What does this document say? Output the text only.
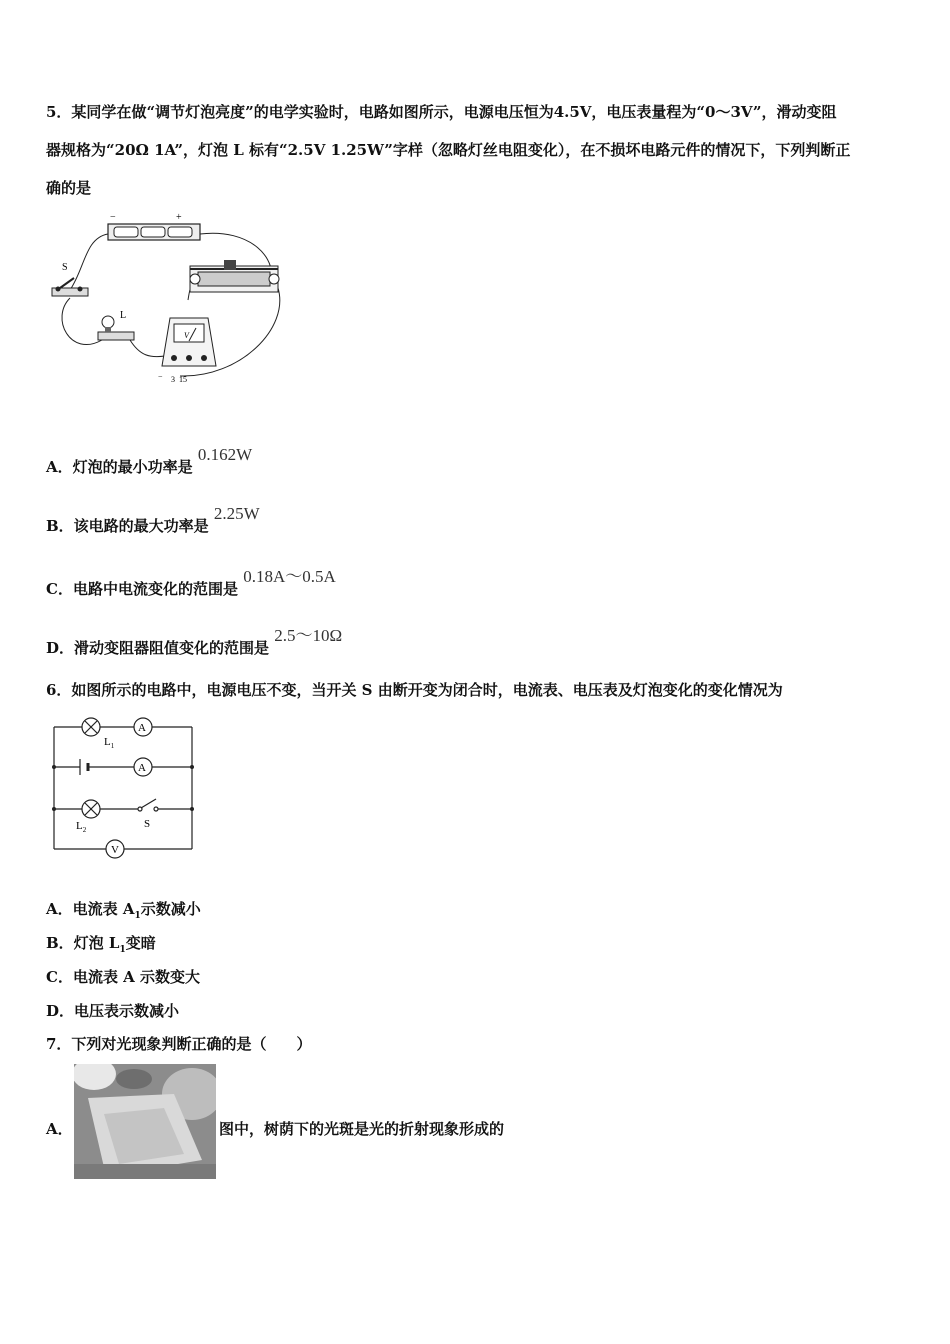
5．某同学在做“调节灯泡亮度”的电学实验时，电路如图所示，电源电压恒为4.5V，电压表量程为“0～3V”，滑动变阻
器规格为“20Ω 1A”，灯泡 L 标有“2.5V 1.25W”字样（忽略灯丝电阻变化），在不损坏电路元件的情况下，下列判断正
确的是
−	+
S
L
V
− 3 15
A．灯泡的最小功率是 0.162W
B．该电路的最大功率是 2.25W
C．电路中电流变化的范围是 0.18A～0.5A
D．滑动变阻器阻值变化的范围是 2.5～10Ω
6．如图所示的电路中，电源电压不变，当开关 S 由断开变为闭合时，电流表、电压表及灯泡变化的变化情况为
$L_1$
A
A
$L_2$	S
V
A．电流表 $A_1$示数减小
B．灯泡 $L_1$变暗
C．电流表 A 示数变大
D．电压表示数减小
7．下列对光现象判断正确的是（　　）
A．	图中，树荫下的光斑是光的折射现象形成的
